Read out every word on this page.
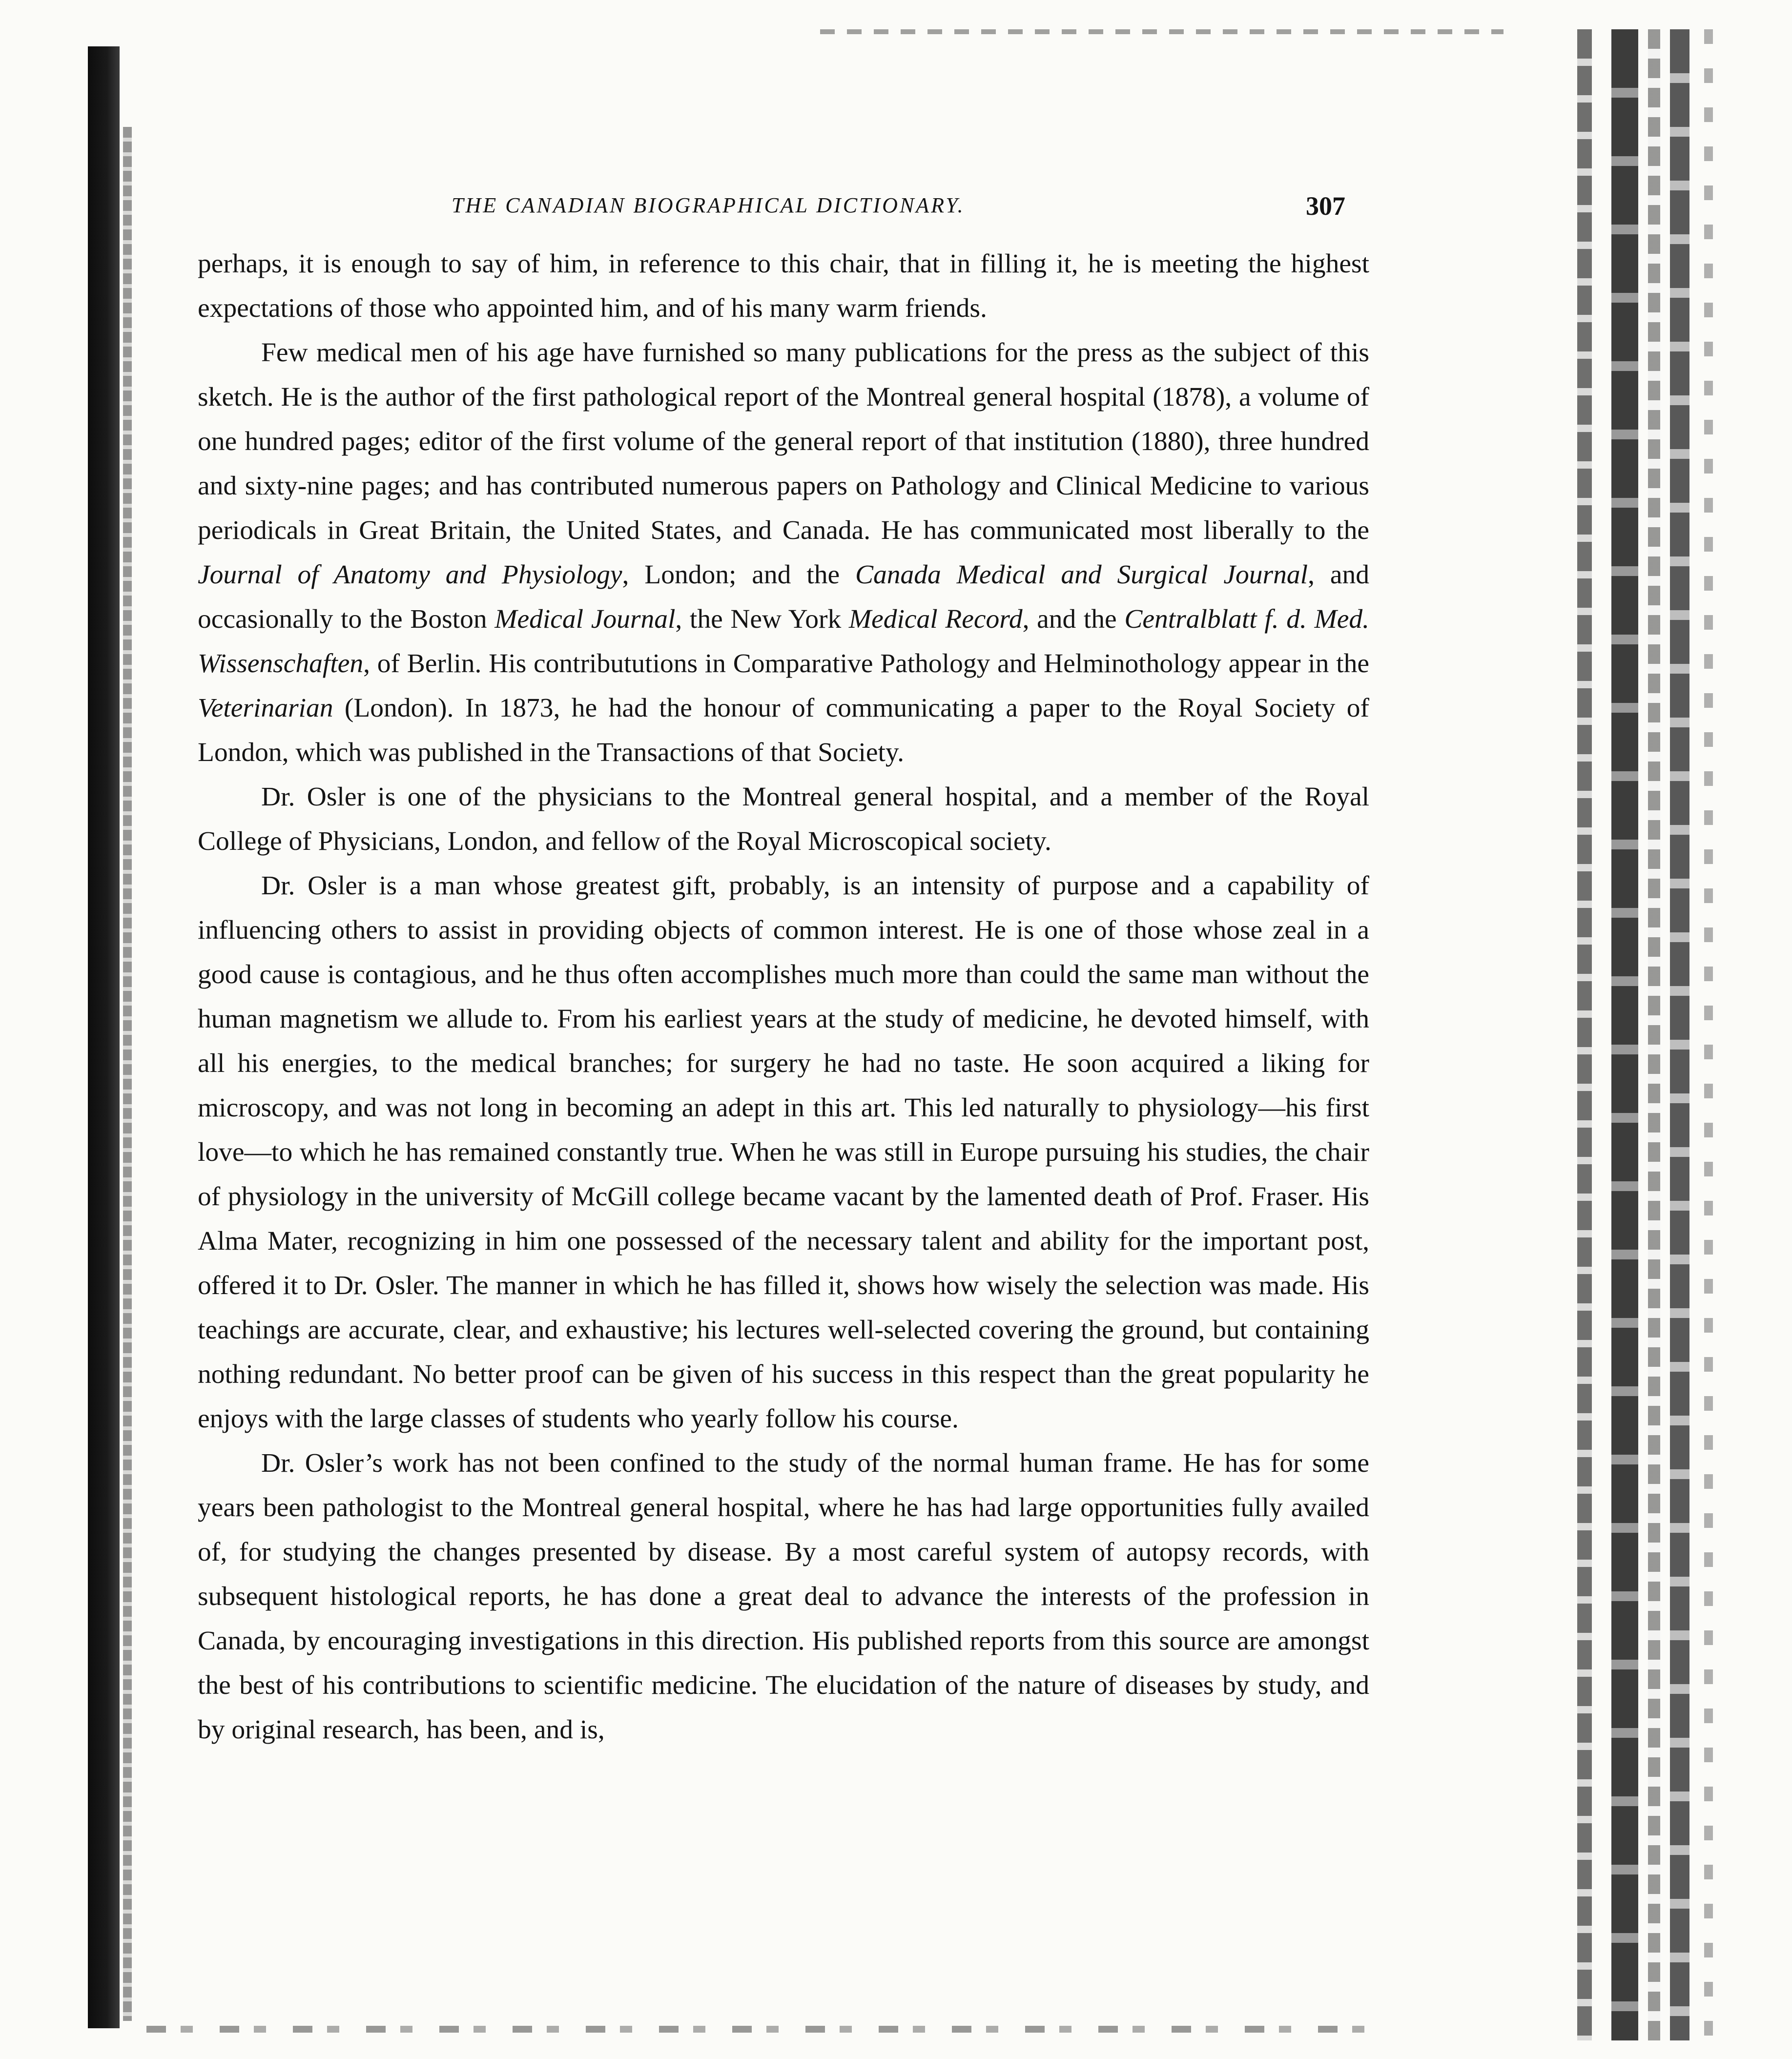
THE CANADIAN BIOGRAPHICAL DICTIONARY.	307

perhaps, it is enough to say of him, in reference to this chair, that in filling it, he is meeting the highest expectations of those who appointed him, and of his many warm friends.

Few medical men of his age have furnished so many publications for the press as the subject of this sketch. He is the author of the first pathological report of the Montreal general hospital (1878), a volume of one hundred pages; editor of the first volume of the general report of that institution (1880), three hundred and sixty-nine pages; and has contributed numerous papers on Pathology and Clinical Medicine to various periodicals in Great Britain, the United States, and Canada. He has communicated most liberally to the Journal of Anatomy and Physiology, London; and the Canada Medical and Surgical Journal, and occasionally to the Boston Medical Journal, the New York Medical Record, and the Centralblatt f. d. Med. Wissenschaften, of Berlin. His contribututions in Comparative Pathology and Helminothology appear in the Veterinarian (London). In 1873, he had the honour of communicating a paper to the Royal Society of London, which was published in the Transactions of that Society.

Dr. Osler is one of the physicians to the Montreal general hospital, and a member of the Royal College of Physicians, London, and fellow of the Royal Microscopical society.

Dr. Osler is a man whose greatest gift, probably, is an intensity of purpose and a capability of influencing others to assist in providing objects of common interest. He is one of those whose zeal in a good cause is contagious, and he thus often accomplishes much more than could the same man without the human magnetism we allude to. From his earliest years at the study of medicine, he devoted himself, with all his energies, to the medical branches; for surgery he had no taste. He soon acquired a liking for microscopy, and was not long in becoming an adept in this art. This led naturally to physiology—his first love—to which he has remained constantly true. When he was still in Europe pursuing his studies, the chair of physiology in the university of McGill college became vacant by the lamented death of Prof. Fraser. His Alma Mater, recognizing in him one possessed of the necessary talent and ability for the important post, offered it to Dr. Osler. The manner in which he has filled it, shows how wisely the selection was made. His teachings are accurate, clear, and exhaustive; his lectures well-selected covering the ground, but containing nothing redundant. No better proof can be given of his success in this respect than the great popularity he enjoys with the large classes of students who yearly follow his course.

Dr. Osler’s work has not been confined to the study of the normal human frame. He has for some years been pathologist to the Montreal general hospital, where he has had large opportunities fully availed of, for studying the changes presented by disease. By a most careful system of autopsy records, with subsequent histological reports, he has done a great deal to advance the interests of the profession in Canada, by encouraging investigations in this direction. His published reports from this source are amongst the best of his contributions to scientific medicine. The elucidation of the nature of diseases by study, and by original research, has been, and is,
